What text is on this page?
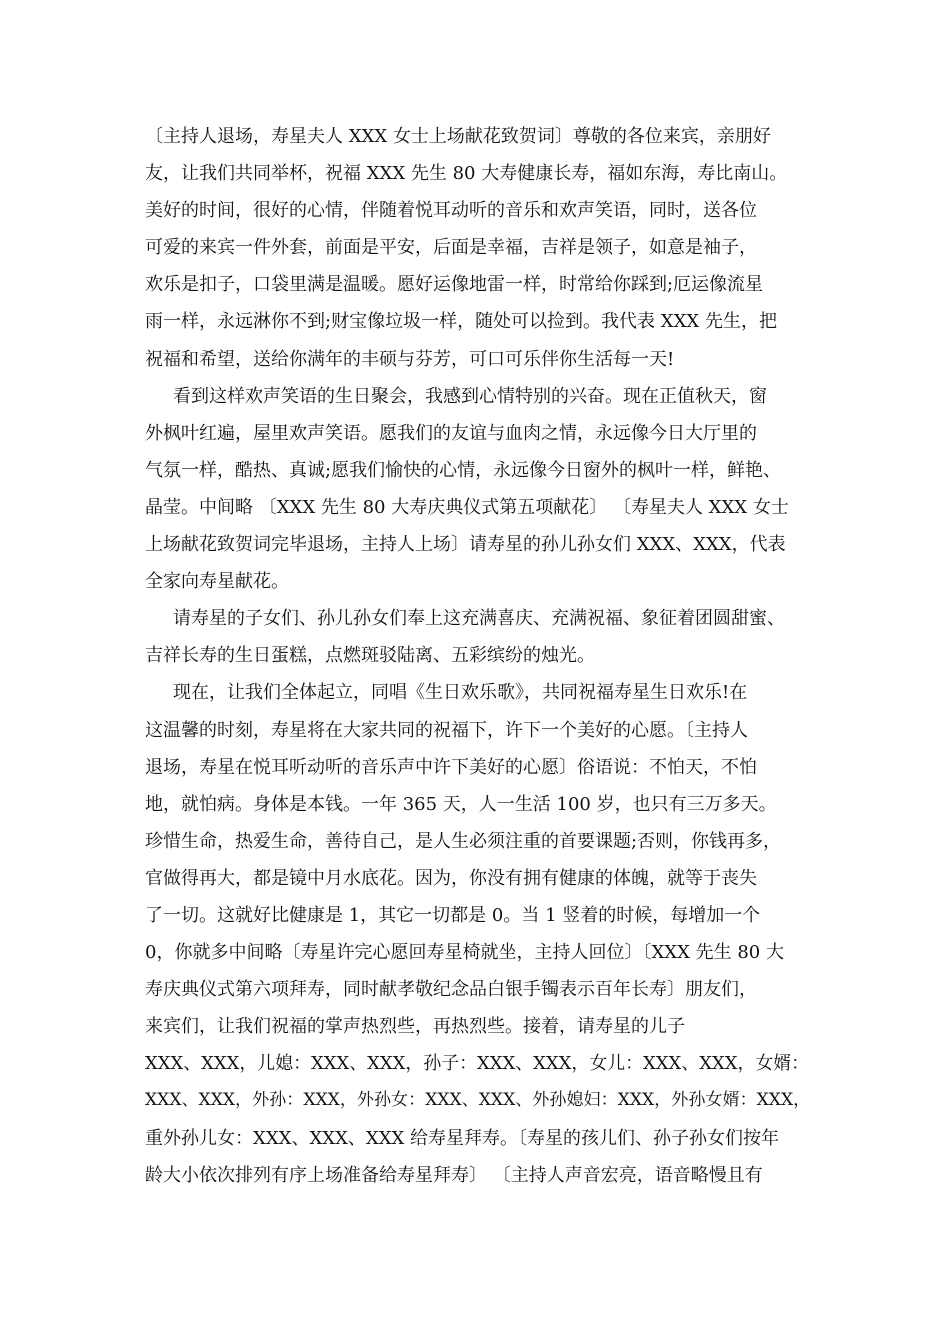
〔主持人退场，寿星夫人 XXX 女士上场献花致贺词〕尊敬的各位来宾，亲朋好
友，让我们共同举杯，祝福 XXX 先生 80 大寿健康长寿，福如东海，寿比南山。
美好的时间，很好的心情，伴随着悦耳动听的音乐和欢声笑语，同时，送各位
可爱的来宾一件外套，前面是平安，后面是幸福，吉祥是领子，如意是袖子，
欢乐是扣子，口袋里满是温暖。愿好运像地雷一样，时常给你踩到;厄运像流星
雨一样，永远淋你不到;财宝像垃圾一样，随处可以捡到。我代表 XXX 先生，把
祝福和希望，送给你满年的丰硕与芬芳，可口可乐伴你生活每一天!
看到这样欢声笑语的生日聚会，我感到心情特别的兴奋。现在正值秋天，窗
外枫叶红遍，屋里欢声笑语。愿我们的友谊与血肉之情，永远像今日大厅里的
气氛一样，酷热、真诚;愿我们愉快的心情，永远像今日窗外的枫叶一样，鲜艳、
晶莹。中间略 〔XXX 先生 80 大寿庆典仪式第五项献花〕 〔寿星夫人 XXX 女士
上场献花致贺词完毕退场，主持人上场〕请寿星的孙儿孙女们 XXX、XXX，代表
全家向寿星献花。
请寿星的子女们、孙儿孙女们奉上这充满喜庆、充满祝福、象征着团圆甜蜜、
吉祥长寿的生日蛋糕，点燃斑驳陆离、五彩缤纷的烛光。
现在，让我们全体起立，同唱《生日欢乐歌》，共同祝福寿星生日欢乐!在
这温馨的时刻，寿星将在大家共同的祝福下，许下一个美好的心愿。〔主持人
退场，寿星在悦耳听动听的音乐声中许下美好的心愿〕俗语说：不怕天，不怕
地，就怕病。身体是本钱。一年 365 天，人一生活 100 岁，也只有三万多天。
珍惜生命，热爱生命，善待自己，是人生必须注重的首要课题;否则，你钱再多，
官做得再大，都是镜中月水底花。因为，你没有拥有健康的体魄，就等于丧失
了一切。这就好比健康是 1，其它一切都是 0。当 1 竖着的时候，每增加一个
0，你就多中间略〔寿星许完心愿回寿星椅就坐，主持人回位〕〔XXX 先生 80 大
寿庆典仪式第六项拜寿，同时献孝敬纪念品白银手镯表示百年长寿〕朋友们，
来宾们，让我们祝福的掌声热烈些，再热烈些。接着，请寿星的儿子
XXX、XXX，儿媳：XXX、XXX，孙子：XXX、XXX，女儿：XXX、XXX，女婿：
XXX、XXX，外孙：XXX，外孙女：XXX、XXX、外孙媳妇：XXX，外孙女婿：XXX，
重外孙儿女：XXX、XXX、XXX 给寿星拜寿。〔寿星的孩儿们、孙子孙女们按年
龄大小依次排列有序上场准备给寿星拜寿〕 〔主持人声音宏亮，语音略慢且有
